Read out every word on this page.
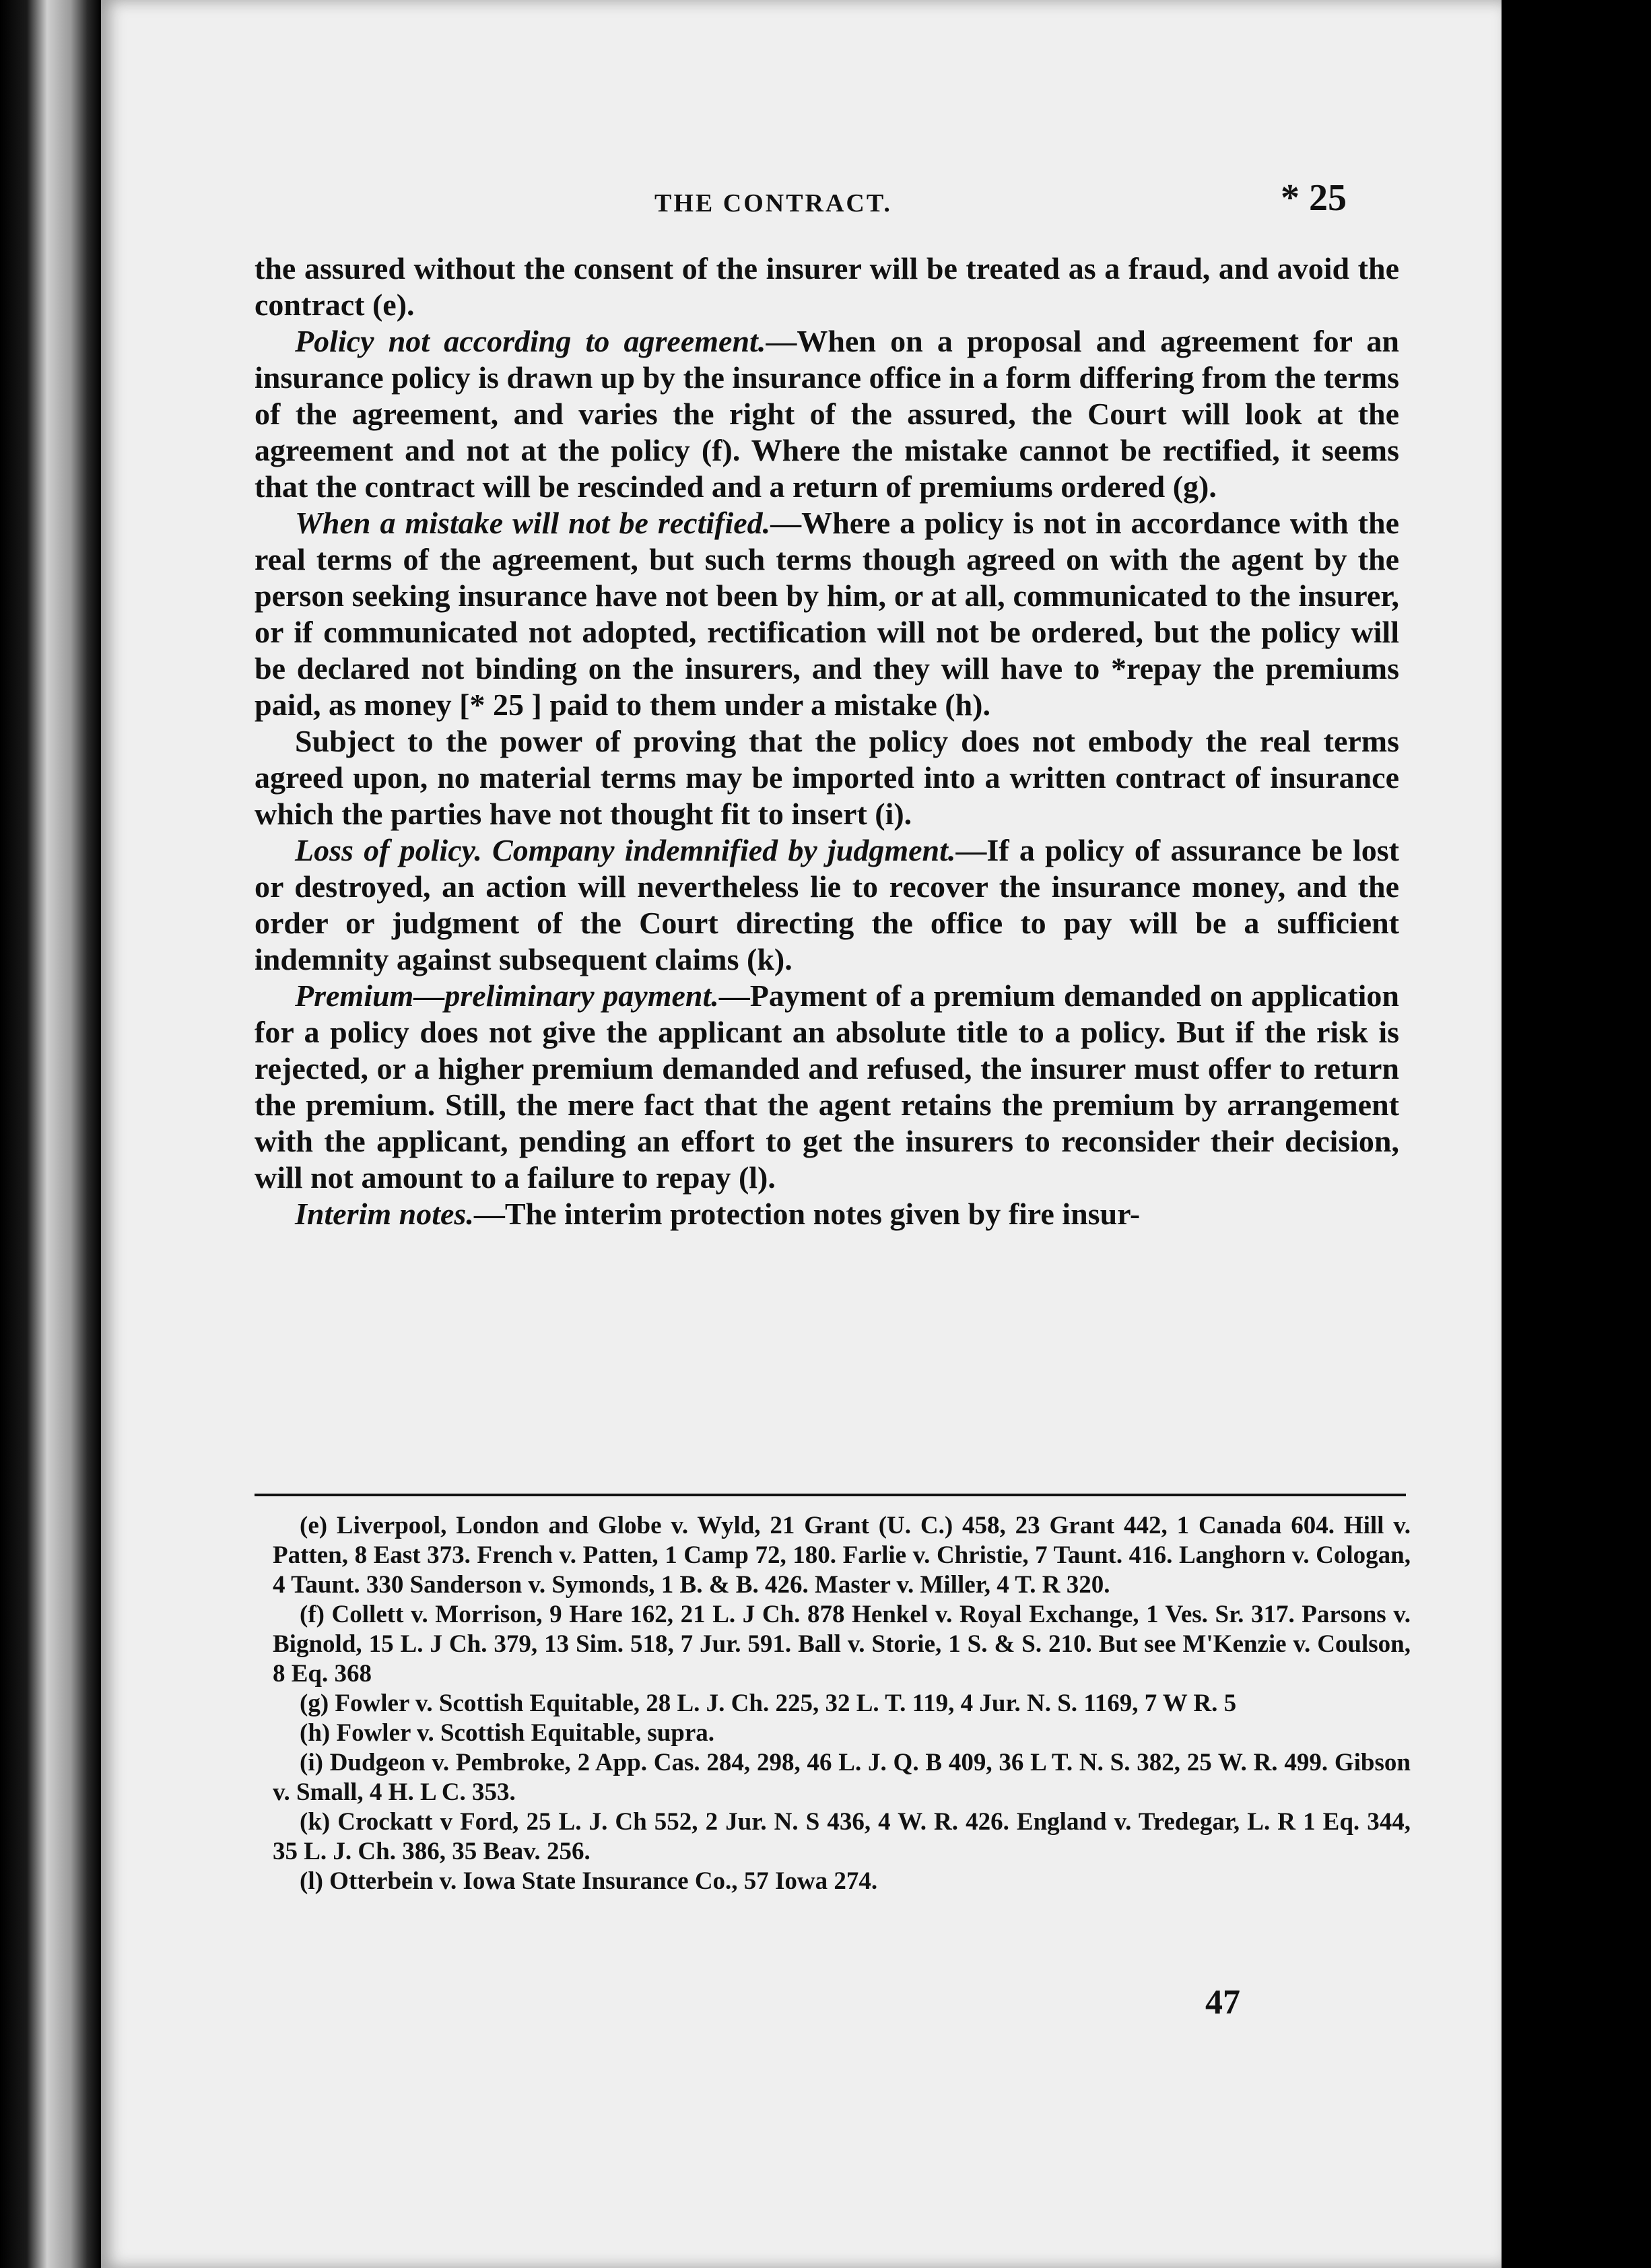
THE CONTRACT.	* 25

the assured without the consent of the insurer will be treated as a fraud, and avoid the contract (e).

Policy not according to agreement.—When on a proposal and agreement for an insurance policy is drawn up by the insurance office in a form differing from the terms of the agreement, and varies the right of the assured, the Court will look at the agreement and not at the policy (f). Where the mistake cannot be rectified, it seems that the contract will be rescinded and a return of premiums ordered (g).

When a mistake will not be rectified.—Where a policy is not in accordance with the real terms of the agreement, but such terms though agreed on with the agent by the person seeking insurance have not been by him, or at all, communicated to the insurer, or if communicated not adopted, rectification will not be ordered, but the policy will be declared not binding on the insurers, and they will have to *repay the premiums paid, as money [* 25 ] paid to them under a mistake (h).

Subject to the power of proving that the policy does not embody the real terms agreed upon, no material terms may be imported into a written contract of insurance which the parties have not thought fit to insert (i).

Loss of policy. Company indemnified by judgment.—If a policy of assurance be lost or destroyed, an action will nevertheless lie to recover the insurance money, and the order or judgment of the Court directing the office to pay will be a sufficient indemnity against subsequent claims (k).

Premium—preliminary payment.—Payment of a premium demanded on application for a policy does not give the applicant an absolute title to a policy. But if the risk is rejected, or a higher premium demanded and refused, the insurer must offer to return the premium. Still, the mere fact that the agent retains the premium by arrangement with the applicant, pending an effort to get the insurers to reconsider their decision, will not amount to a failure to repay (l).

Interim notes.—The interim protection notes given by fire insur-

(e) Liverpool, London and Globe v. Wyld, 21 Grant (U. C.) 458, 23 Grant 442, 1 Canada 604. Hill v. Patten, 8 East 373. French v. Patten, 1 Camp 72, 180. Farlie v. Christie, 7 Taunt. 416. Langhorn v. Cologan, 4 Taunt. 330 Sanderson v. Symonds, 1 B. & B. 426. Master v. Miller, 4 T. R 320.

(f) Collett v. Morrison, 9 Hare 162, 21 L. J Ch. 878 Henkel v. Royal Exchange, 1 Ves. Sr. 317. Parsons v. Bignold, 15 L. J Ch. 379, 13 Sim. 518, 7 Jur. 591. Ball v. Storie, 1 S. & S. 210. But see M'Kenzie v. Coulson, 8 Eq. 368

(g) Fowler v. Scottish Equitable, 28 L. J. Ch. 225, 32 L. T. 119, 4 Jur. N. S. 1169, 7 W R. 5

(h) Fowler v. Scottish Equitable, supra.

(i) Dudgeon v. Pembroke, 2 App. Cas. 284, 298, 46 L. J. Q. B 409, 36 L T. N. S. 382, 25 W. R. 499. Gibson v. Small, 4 H. L C. 353.

(k) Crockatt v Ford, 25 L. J. Ch 552, 2 Jur. N. S 436, 4 W. R. 426. England v. Tredegar, L. R 1 Eq. 344, 35 L. J. Ch. 386, 35 Beav. 256.

(l) Otterbein v. Iowa State Insurance Co., 57 Iowa 274.

47
